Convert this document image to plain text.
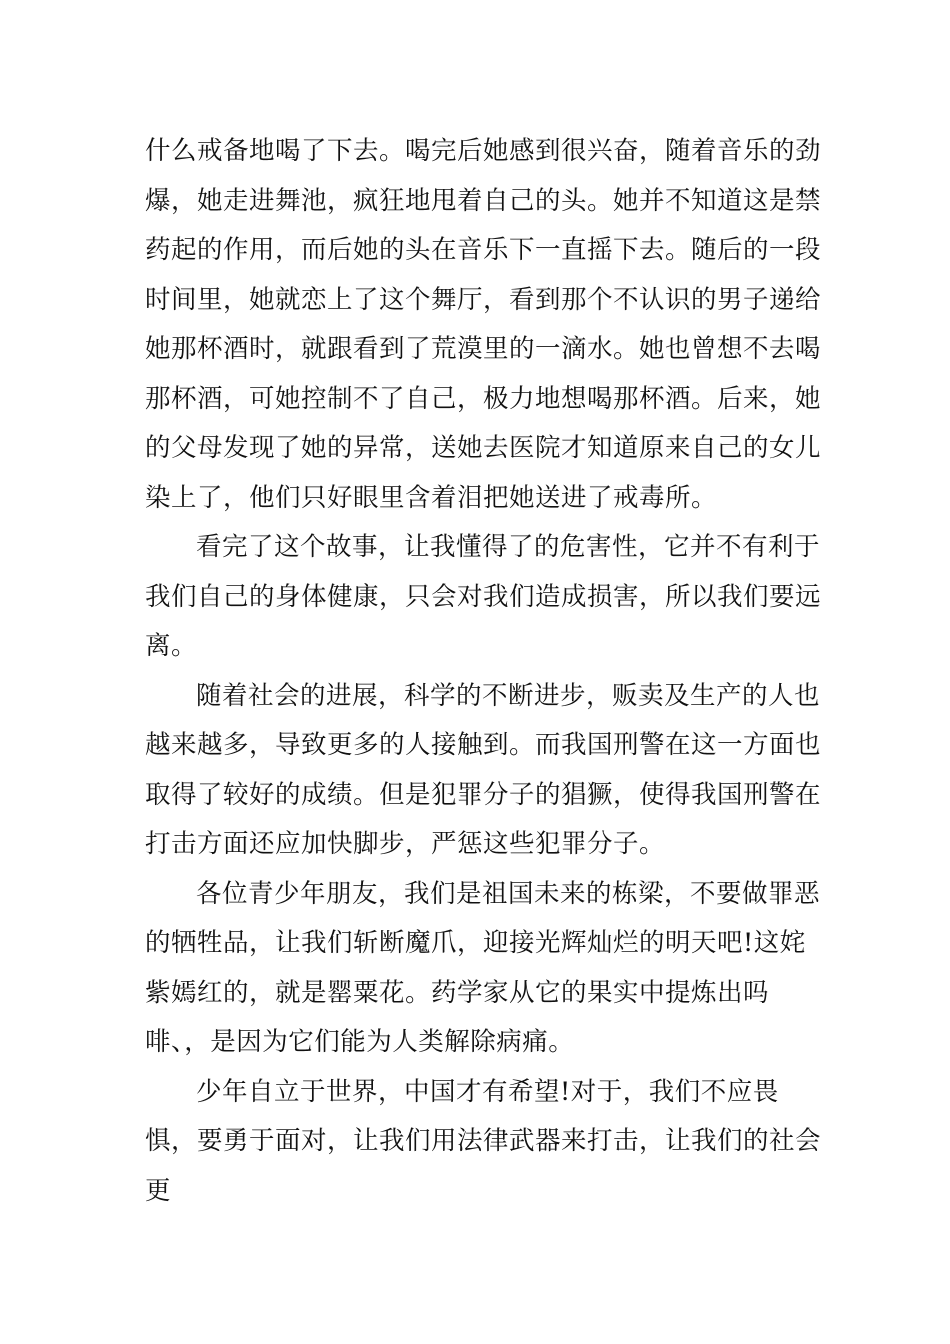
什么戒备地喝了下去。喝完后她感到很兴奋，随着音乐的劲爆，她走进舞池，疯狂地甩着自己的头。她并不知道这是禁药起的作用，而后她的头在音乐下一直摇下去。随后的一段时间里，她就恋上了这个舞厅，看到那个不认识的男子递给她那杯酒时，就跟看到了荒漠里的一滴水。她也曾想不去喝那杯酒，可她控制不了自己，极力地想喝那杯酒。后来，她的父母发现了她的异常，送她去医院才知道原来自己的女儿染上了，他们只好眼里含着泪把她送进了戒毒所。

看完了这个故事，让我懂得了的危害性，它并不有利于我们自己的身体健康，只会对我们造成损害，所以我们要远离。

随着社会的进展，科学的不断进步，贩卖及生产的人也越来越多，导致更多的人接触到。而我国刑警在这一方面也取得了较好的成绩。但是犯罪分子的猖獗，使得我国刑警在打击方面还应加快脚步，严惩这些犯罪分子。

各位青少年朋友，我们是祖国未来的栋梁，不要做罪恶的牺牲品，让我们斩断魔爪，迎接光辉灿烂的明天吧!这姹紫嫣红的，就是罂粟花。药学家从它的果实中提炼出吗啡、，是因为它们能为人类解除病痛。

少年自立于世界，中国才有希望!对于，我们不应畏惧，要勇于面对，让我们用法律武器来打击，让我们的社会更
